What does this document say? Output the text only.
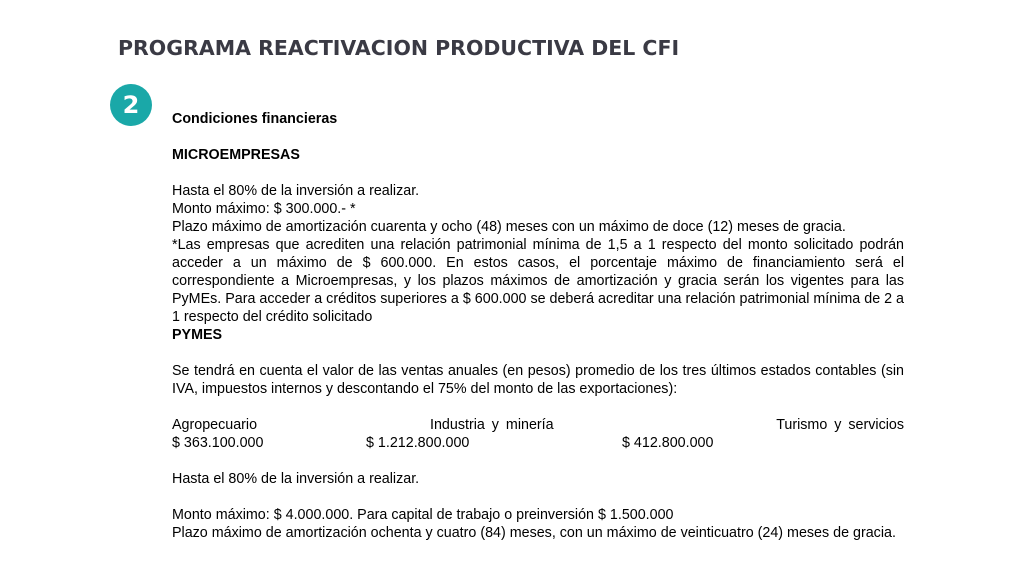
PROGRAMA REACTIVACION PRODUCTIVA DEL CFI
2	Condiciones financieras

MICROEMPRESAS

Hasta el 80% de la inversión a realizar.

Monto máximo: $ 300.000.- *

Plazo máximo de amortización cuarenta y ocho (48) meses con un máximo de doce (12) meses de gracia.

*Las empresas que acrediten una relación patrimonial mínima de 1,5 a 1 respecto del monto solicitado podrán acceder a un máximo de $ 600.000. En estos casos, el porcentaje máximo de financiamiento será el correspondiente a Microempresas, y los plazos máximos de amortización y gracia serán los vigentes para las PyMEs. Para acceder a créditos superiores a $ 600.000 se deberá acreditar una relación patrimonial mínima de 2 a 1 respecto del crédito solicitado

PYMES

Se tendrá en cuenta el valor de las ventas anuales (en pesos) promedio de los tres últimos estados contables (sin IVA, impuestos internos y descontando el 75% del monto de las exportaciones):

Agropecuario	Industria y minería	Turismo y servicios
$ 363.100.000	$ 1.212.800.000	$ 412.800.000

Hasta el 80% de la inversión a realizar.

Monto máximo: $ 4.000.000. Para capital de trabajo o preinversión $ 1.500.000

Plazo máximo de amortización ochenta y cuatro (84) meses, con un máximo de veinticuatro (24) meses de gracia.
